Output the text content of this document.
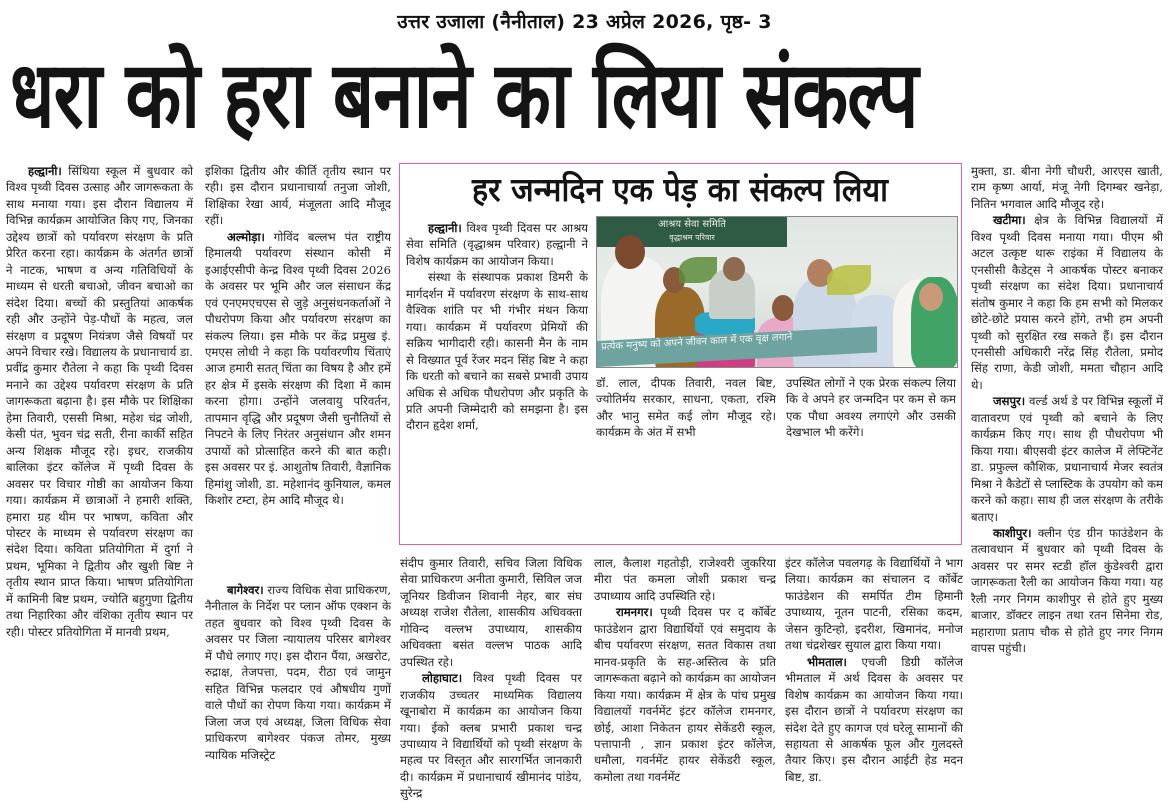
उत्तर उजाला (नैनीताल) 23 अप्रेल 2026, पृष्ठ- 3
धरा को हरा बनाने का लिया संकल्प

हल्द्वानी। सिंथिया स्कूल में बुधवार को विश्व पृथ्वी दिवस उत्साह और जागरूकता के साथ मनाया गया। इस दौरान विद्यालय में विभिन्न कार्यक्रम आयोजित किए गए, जिनका उद्देश्य छात्रों को पर्यावरण संरक्षण के प्रति प्रेरित करना रहा। कार्यक्रम के अंतर्गत छात्रों ने नाटक, भाषण व अन्य गतिविधियों के माध्यम से धरती बचाओ, जीवन बचाओ का संदेश दिया। बच्चों की प्रस्तुतियां आकर्षक रही और उन्होंने पेड़-पौधों के महत्व, जल संरक्षण व प्रदूषण नियंत्रण जैसे विषयों पर अपने विचार रखे। विद्यालय के प्रधानाचार्य डा. प्रवींद्र कुमार रौतेला ने कहा कि पृथ्वी दिवस मनाने का उद्देश्य पर्यावरण संरक्षण के प्रति जागरूकता बढ़ाना है। इस मौके पर शिक्षिका हेमा तिवारी, एससी मिश्रा, महेश चंद्र जोशी, केसी पंत, भुवन चंद्र सती, रीना कार्की सहित अन्य शिक्षक मौजूद रहे। इधर, राजकीय बालिका इंटर कॉलेज में पृथ्वी दिवस के अवसर पर विचार गोष्ठी का आयोजन किया गया। कार्यक्रम में छात्राओं ने हमारी शक्ति, हमारा ग्रह थीम पर भाषण, कविता और पोस्टर के माध्यम से पर्यावरण संरक्षण का संदेश दिया। कविता प्रतियोगिता में दुर्गा ने प्रथम, भूमिका ने द्वितीय और खुशी बिष्ट ने तृतीय स्थान प्राप्त किया। भाषण प्रतियोगिता में कामिनी बिष्ट प्रथम, ज्योति बहुगुणा द्वितीय तथा निहारिका और वंशिका तृतीय स्थान पर रही। पोस्टर प्रतियोगिता में मानवी प्रथम,

इशिका द्वितीय और कीर्ति तृतीय स्थान पर रही। इस दौरान प्रधानाचार्या तनुजा जोशी, शिक्षिका रेखा आर्य, मंजूलता आदि मौजूद रहीं।

अल्मोड़ा। गोविंद बल्लभ पंत राष्ट्रीय हिमालयी पर्यावरण संस्थान कोसी में इआईएसीपी केन्द्र विश्व पृथ्वी दिवस 2026 के अवसर पर भूमि और जल संसाधन केंद्र एवं एनएमएचएस से जुड़े अनुसंधनकर्ताओं ने पौधरोपण किया और पर्यावरण संरक्षण का संकल्प लिया। इस मौके पर केंद्र प्रमुख इं. एमएस लोधी ने कहा कि पर्यावरणीय चिंताएं आज हमारी सतत् चिंता का विषय है और हमें हर क्षेत्र में इसके संरक्षण की दिशा में काम करना होगा। उन्होंने जलवायु परिवर्तन, तापमान वृद्धि और प्रदूषण जैसी चुनौतियों से निपटने के लिए निरंतर अनुसंधान और शमन उपायों को प्रोत्साहित करने की बात कही। इस अवसर पर इं. आशुतोष तिवारी, वैज्ञानिक हिमांशु जोशी, डा. महेशानंद कुनियाल, कमल किशोर टम्टा, हेम आदि मौजूद थे।

बागेश्वर। राज्य विधिक सेवा प्राधिकरण, नैनीताल के निर्देश पर प्लान ऑफ एक्शन के तहत बुधवार को विश्व पृथ्वी दिवस के अवसर पर जिला न्यायालय परिसर बागेश्वर में पौधे लगाए गए। इस दौरान पैंया, अखरोट, रुद्राक्ष, तेजपत्ता, पदम, रीठा एवं जामुन सहित विभिन्न फलदार एवं औषधीय गुणों वाले पौधों का रोपण किया गया। कार्यक्रम में जिला जज एवं अध्यक्ष, जिला विधिक सेवा प्राधिकरण बागेश्वर पंकज तोमर, मुख्य न्यायिक मजिस्ट्रेट

हर जन्मदिन एक पेड़ का संकल्प लिया

हल्द्वानी। विश्व पृथ्वी दिवस पर आश्रय सेवा समिति (वृद्धाश्रम परिवार) हल्द्वानी ने विशेष कार्यक्रम का आयोजन किया।

संस्था के संस्थापक प्रकाश डिमरी के मार्गदर्शन में पर्यावरण संरक्षण के साथ-साथ वैश्विक शांति पर भी गंभीर मंथन किया गया। कार्यक्रम में पर्यावरण प्रेमियों की सक्रिय भागीदारी रही। कासनी मैन के नाम से विख्यात पूर्व रेंजर मदन सिंह बिष्ट ने कहा कि धरती को बचाने का सबसे प्रभावी उपाय अधिक से अधिक पौधरोपण और प्रकृति के प्रति अपनी जिम्मेदारी को समझना है। इस दौरान हृदेश शर्मा,

आश्रय सेवा समिति
वृद्धाश्रम परिवार
प्रत्येक मनुष्य को अपने जीवन काल में एक वृक्ष लगाने

डॉ. लाल, दीपक तिवारी, नवल बिष्ट, ज्योतिर्मय सरकार, साधना, एकता, रश्मि और भानु समेत कई लोग मौजूद रहे। कार्यक्रम के अंत में सभी

उपस्थित लोगों ने एक प्रेरक संकल्प लिया कि वे अपने हर जन्मदिन पर कम से कम एक पौधा अवश्य लगाएंगे और उसकी देखभाल भी करेंगे।

संदीप कुमार तिवारी, सचिव जिला विधिक सेवा प्राधिकरण अनीता कुमारी, सिविल जज जूनियर डिवीजन शिवानी नेहर, बार संघ अध्यक्ष राजेश रौतेला, शासकीय अधिवक्ता गोविन्द वल्लभ उपाध्याय, शासकीय अधिवक्ता बसंत वल्लभ पाठक आदि उपस्थित रहे।

लोहाघाट। विश्व पृथ्वी दिवस पर राजकीय उच्चतर माध्यमिक विद्यालय खूनाबोरा में कार्यक्रम का आयोजन किया गया। ईको क्लब प्रभारी प्रकाश चन्द्र उपाध्याय ने विद्यार्थियों को पृथ्वी संरक्षण के महत्व पर विस्तृत और सारगर्भित जानकारी दी। कार्यक्रम में प्रधानाचार्य खीमानंद पांडेय, सुरेन्द्र

लाल, कैलाश गहतोड़ी, राजेश्वरी जुकरिया मीरा पंत कमला जोशी प्रकाश चन्द्र उपाध्याय आदि उपस्थिति रहे।

रामनगर। पृथ्वी दिवस पर द कॉर्बेट फाउंडेशन द्वारा विद्यार्थियों एवं समुदाय के बीच पर्यावरण संरक्षण, सतत विकास तथा मानव-प्रकृति के सह-अस्तित्व के प्रति जागरूकता बढ़ाने को कार्यक्रम का आयोजन किया गया। कार्यक्रम में क्षेत्र के पांच प्रमुख विद्यालयों गवर्नमेंट इंटर कॉलेज रामनगर, छोई, आशा निकेतन हायर सेकेंडरी स्कूल, पत्तापानी , ज्ञान प्रकाश इंटर कॉलेज, धमौला, गवर्नमेंट हायर सेकेंडरी स्कूल, कमोला तथा गवर्नमेंट

इंटर कॉलेज पवलगढ़ के विद्यार्थियों ने भाग लिया। कार्यक्रम का संचालन द कॉर्बेट फाउंडेशन की समर्पित टीम हिमानी उपाध्याय, नूतन पाटनी, रसिका कदम, जेसन कुटिन्हो, इदरीश, खिमानंद, मनोज तथा चंद्रशेखर सुयाल द्वारा किया गया।

भीमताल। एचजी डिग्री कॉलेज भीमताल में अर्थ दिवस के अवसर पर विशेष कार्यक्रम का आयोजन किया गया। इस दौरान छात्रों ने पर्यावरण संरक्षण का संदेश देते हुए कागज एवं घरेलू सामानों की सहायता से आकर्षक फूल और गुलदस्ते तैयार किए। इस दौरान आईटी हेड मदन बिष्ट, डा.

मुक्ता, डा. बीना नेगी चौधरी, आरएस खाती, राम कृष्ण आर्या, मंजू नेगी दिगम्बर खनेड़ा, नितिन भगवाल आदि मौजूद रहे।

खटीमा। क्षेत्र के विभिन्न विद्यालयों में विश्व पृथ्वी दिवस मनाया गया। पीएम श्री अटल उत्कृष्ट थारू राइंका में विद्यालय के एनसीसी कैडेट्स ने आकर्षक पोस्टर बनाकर पृथ्वी संरक्षण का संदेश दिया। प्रधानाचार्य संतोष कुमार ने कहा कि हम सभी को मिलकर छोटे-छोटे प्रयास करने होंगे, तभी हम अपनी पृथ्वी को सुरक्षित रख सकते हैं। इस दौरान एनसीसी अधिकारी नरेंद्र सिंह रौतेला, प्रमोद सिंह राणा, केडी जोशी, ममता चौहान आदि थे।

जसपुर। वर्ल्ड अर्थ डे पर विभिन्न स्कूलों में वातावरण एवं पृथ्वी को बचाने के लिए कार्यक्रम किए गए। साथ ही पौधरोपण भी किया गया। बीएसवी इंटर कालेज में लेफ्टिनेंट डा. प्रफुल्ल कौशिक, प्रधानाचार्य मेजर स्वतंत्र मिश्रा ने कैडेटों से प्लास्टिक के उपयोग को कम करने को कहा। साथ ही जल संरक्षण के तरीके बताए।

काशीपुर। क्लीन एंड ग्रीन फाउंडेशन के तत्वावधान में बुधवार को पृथ्वी दिवस के अवसर पर समर स्टडी हॉल कुंडेश्वरी द्वारा जागरूकता रैली का आयोजन किया गया। यह रैली नगर निगम काशीपुर से होते हुए मुख्य बाजार, डॉक्टर लाइन तथा रतन सिनेमा रोड, महाराणा प्रताप चौक से होते हुए नगर निगम वापस पहुंची।
